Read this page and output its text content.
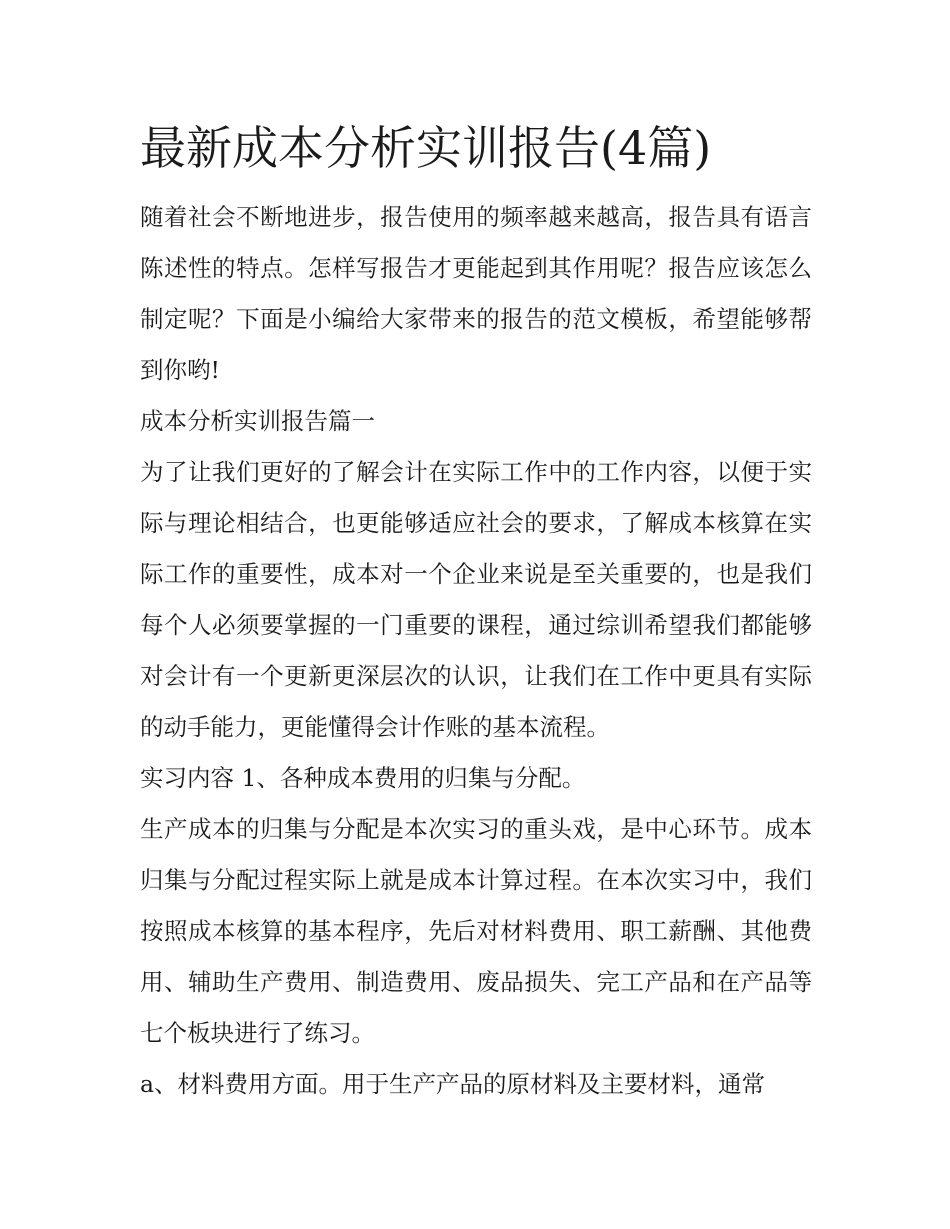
最新成本分析实训报告(4篇)

随着社会不断地进步，报告使用的频率越来越高，报告具有语言陈述性的特点。怎样写报告才更能起到其作用呢？报告应该怎么制定呢？下面是小编给大家带来的报告的范文模板，希望能够帮到你哟!

成本分析实训报告篇一

为了让我们更好的了解会计在实际工作中的工作内容，以便于实际与理论相结合，也更能够适应社会的要求，了解成本核算在实际工作的重要性，成本对一个企业来说是至关重要的，也是我们每个人必须要掌握的一门重要的课程，通过综训希望我们都能够对会计有一个更新更深层次的认识，让我们在工作中更具有实际的动手能力，更能懂得会计作账的基本流程。

实习内容 1、各种成本费用的归集与分配。

生产成本的归集与分配是本次实习的重头戏，是中心环节。成本归集与分配过程实际上就是成本计算过程。在本次实习中，我们按照成本核算的基本程序，先后对材料费用、职工薪酬、其他费用、辅助生产费用、制造费用、废品损失、完工产品和在产品等七个板块进行了练习。

a、材料费用方面。用于生产产品的原材料及主要材料，通常
